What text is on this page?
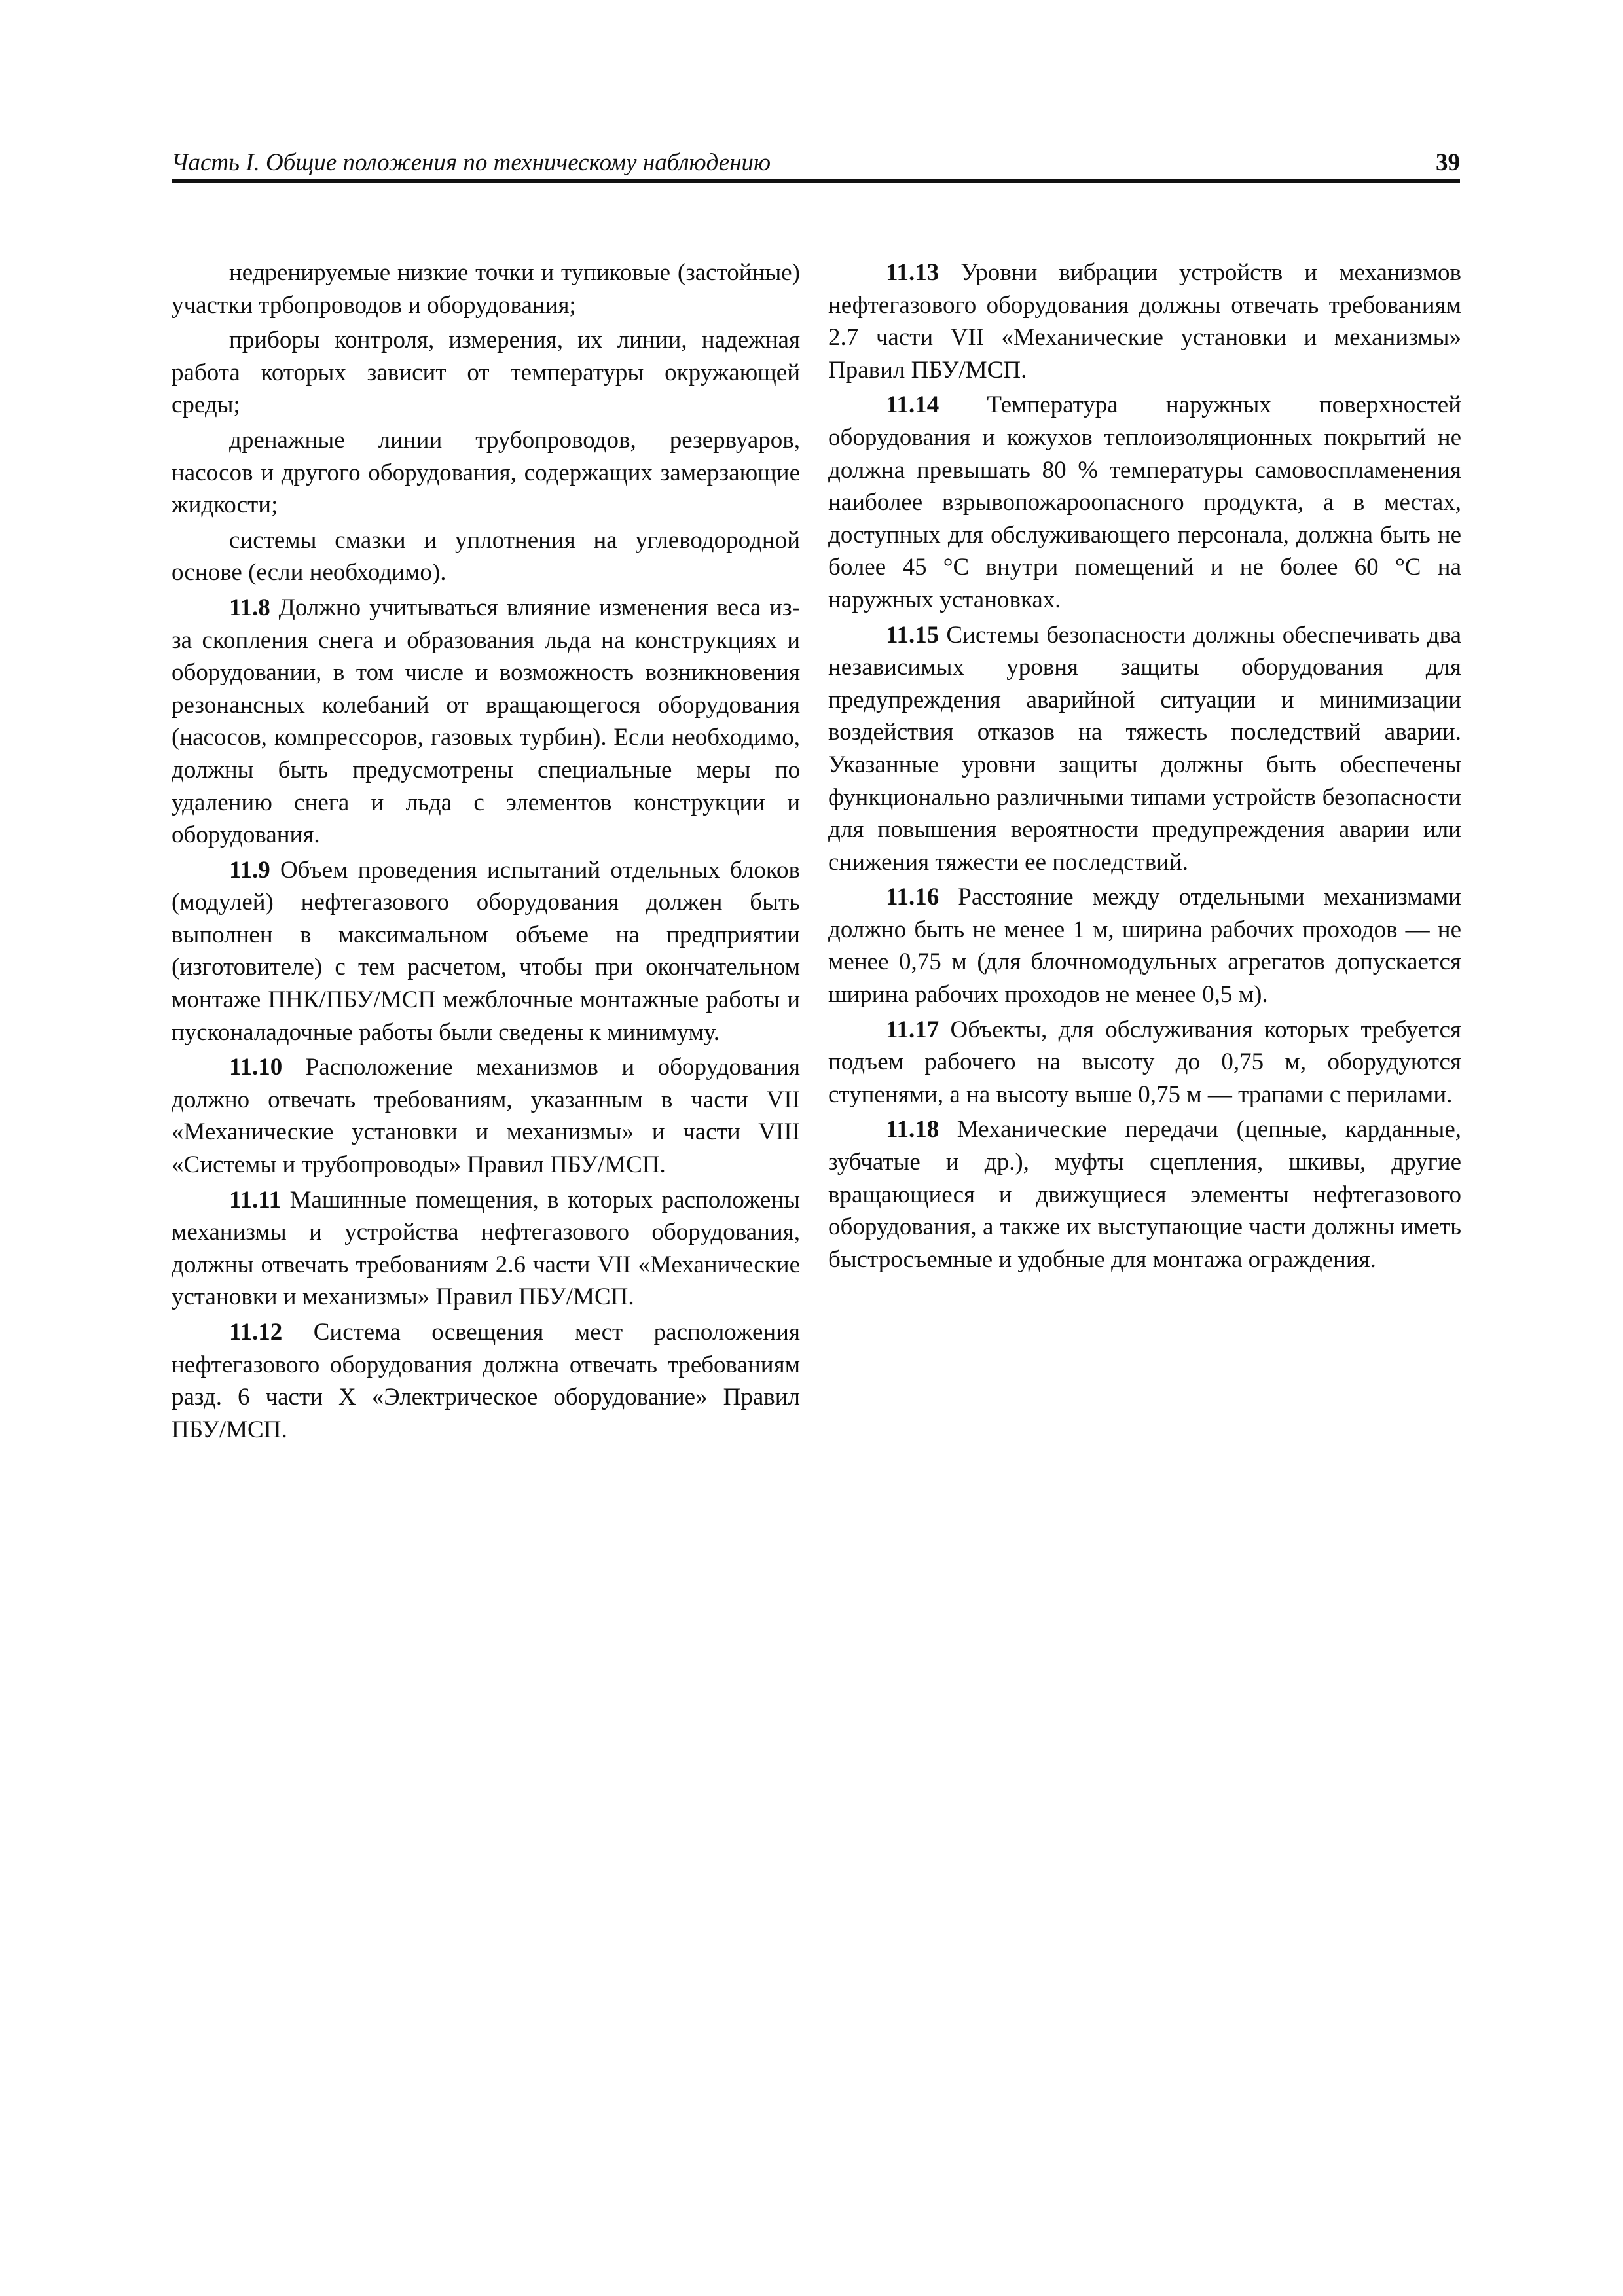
Часть I. Общие положения по техническому наблюдению	39

недренируемые низкие точки и тупиковые (застойные) участки трбопроводов и оборудования;

приборы контроля, измерения, их линии, надежная работа которых зависит от температуры окружающей среды;

дренажные линии трубопроводов, резервуаров, насосов и другого оборудования, содержащих замерзающие жидкости;

системы смазки и уплотнения на углеводородной основе (если необходимо).

11.8 Должно учитываться влияние изменения веса из-за скопления снега и образования льда на конструкциях и оборудовании, в том числе и возможность возникновения резонансных колебаний от вращающегося оборудования (насосов, компрессоров, газовых турбин). Если необходимо, должны быть предусмотрены специальные меры по удалению снега и льда с элементов конструкции и оборудования.

11.9 Объем проведения испытаний отдельных блоков (модулей) нефтегазового оборудования должен быть выполнен в максимальном объеме на предприятии (изготовителе) с тем расчетом, чтобы при окончательном монтаже ПНК/ПБУ/МСП межблочные монтажные работы и пусконаладочные работы были сведены к минимуму.

11.10 Расположение механизмов и оборудования должно отвечать требованиям, указанным в части VII «Механические установки и механизмы» и части VIII «Системы и трубопроводы» Правил ПБУ/МСП.

11.11 Машинные помещения, в которых расположены механизмы и устройства нефтегазового оборудования, должны отвечать требованиям 2.6 части VII «Механические установки и механизмы» Правил ПБУ/МСП.

11.12 Система освещения мест расположения нефтегазового оборудования должна отвечать требованиям разд. 6 части X «Электрическое оборудование» Правил ПБУ/МСП.

11.13 Уровни вибрации устройств и механизмов нефтегазового оборудования должны отвечать требованиям 2.7 части VII «Механические установки и механизмы» Правил ПБУ/МСП.

11.14 Температура наружных поверхностей оборудования и кожухов теплоизоляционных покрытий не должна превышать 80 % температуры самовоспламенения наиболее взрывопожароопасного продукта, а в местах, доступных для обслуживающего персонала, должна быть не более 45 °С внутри помещений и не более 60 °С на наружных установках.

11.15 Системы безопасности должны обеспечивать два независимых уровня защиты оборудования для предупреждения аварийной ситуации и минимизации воздействия отказов на тяжесть последствий аварии. Указанные уровни защиты должны быть обеспечены функционально различными типами устройств безопасности для повышения вероятности предупреждения аварии или снижения тяжести ее последствий.

11.16 Расстояние между отдельными механизмами должно быть не менее 1 м, ширина рабочих проходов — не менее 0,75 м (для блочномодульных агрегатов допускается ширина рабочих проходов не менее 0,5 м).

11.17 Объекты, для обслуживания которых требуется подъем рабочего на высоту до 0,75 м, оборудуются ступенями, а на высоту выше 0,75 м — трапами с перилами.

11.18 Механические передачи (цепные, карданные, зубчатые и др.), муфты сцепления, шкивы, другие вращающиеся и движущиеся элементы нефтегазового оборудования, а также их выступающие части должны иметь быстросъемные и удобные для монтажа ограждения.
